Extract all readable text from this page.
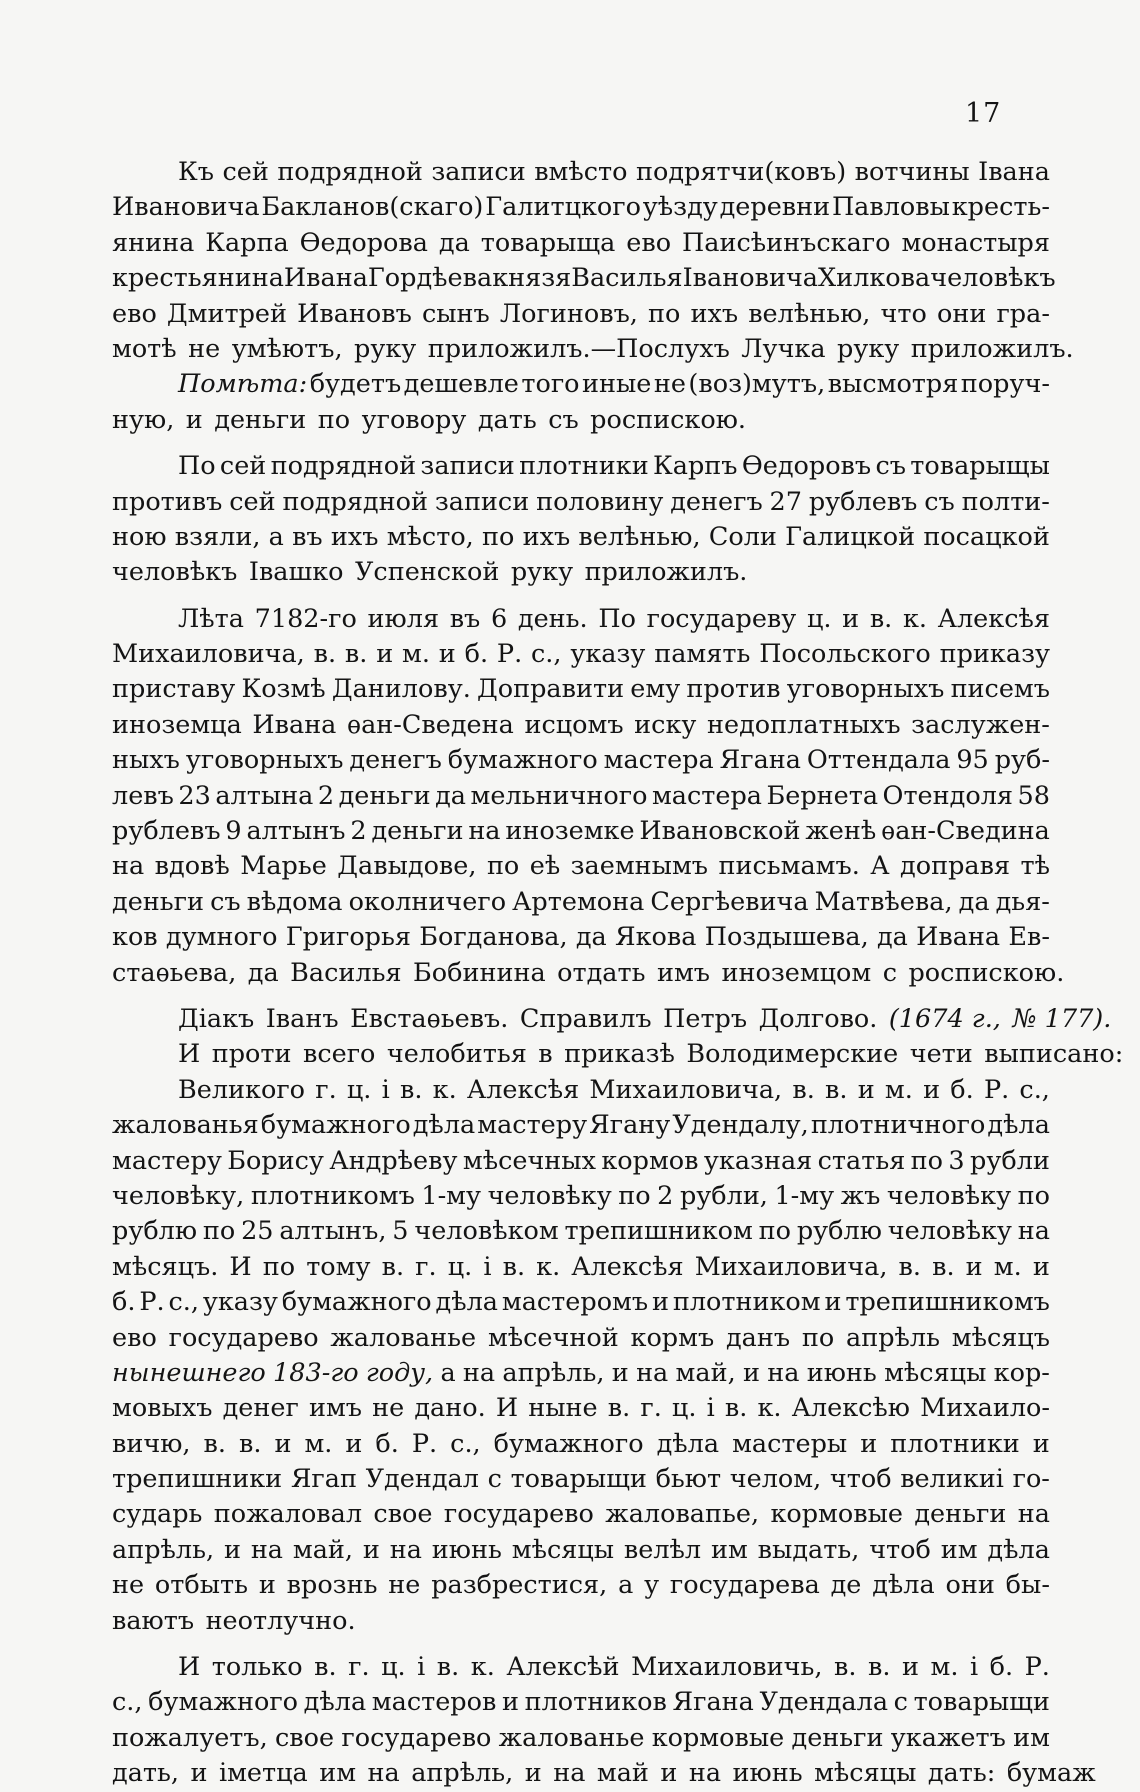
17
Къ сей подрядной записи вмѣсто подрятчи(ковъ) вотчины Івана
Ивановича Бакланов(скаго) Галитцкого уѣзду деревни Павловы кресть-
янина Карпа Ѳедорова да товарыща ево Паисѣинъскаго монастыря
крестьянина Ивана Гордѣева князя Василья Івановича Хилкова человѣкъ
ево Дмитрей Ивановъ сынъ Логиновъ, по ихъ велѣнью, что они гра-
мотѣ не умѣютъ, руку приложилъ.—Послухъ Лучка руку приложилъ.
Помѣта: будетъ дешевле того иные не (воз)мутъ, высмотря поруч-
ную, и деньги по уговору дать съ роспискою.
По сей подрядной записи плотники Карпъ Ѳедоровъ съ товарыщы
противъ сей подрядной записи половину денегъ 27 рублевъ съ полти-
ною взяли, а въ ихъ мѣсто, по ихъ велѣнью, Соли Галицкой посацкой
человѣкъ Івашко Успенской руку приложилъ.
Лѣта 7182-го июля въ 6 день. По государеву ц. и в. к. Алексѣя
Михаиловича, в. в. и м. и б. Р. с., указу память Посольского приказу
приставу Козмѣ Данилову. Доправити ему против уговорныхъ писемъ
иноземца Ивана ѳан-Сведена исцомъ иску недоплатныхъ заслужен-
ныхъ уговорныхъ денегъ бумажного мастера Ягана Оттендала 95 руб-
левъ 23 алтына 2 деньги да мельничного мастера Бернета Отендоля 58
рублевъ 9 алтынъ 2 деньги на иноземке Ивановской женѣ ѳан-Сведина
на вдовѣ Марье Давыдове, по еѣ заемнымъ письмамъ. А доправя тѣ
деньги съ вѣдома околничего Артемона Сергѣевича Матвѣева, да дья-
ков думного Григорья Богданова, да Якова Поздышева, да Ивана Ев-
стаѳьева, да Василья Бобинина отдать имъ иноземцом с роспискою.
Діакъ Іванъ Евстаѳьевъ. Справилъ Петръ Долгово. (1674 г., № 177).
И проти всего челобитья в приказѣ Володимерские чети выписано:
Великого г. ц. і в. к. Алексѣя Михаиловича, в. в. и м. и б. Р. с.,
жалованья бумажного дѣла мастеру Ягану Удендалу, плотничного дѣла
мастеру Борису Андрѣеву мѣсечных кормов указная статья по 3 рубли
человѣку, плотникомъ 1-му человѣку по 2 рубли, 1-му жъ человѣку по
рублю по 25 алтынъ, 5 человѣком трепишником по рублю человѣку на
мѣсяцъ. И по тому в. г. ц. і в. к. Алексѣя Михаиловича, в. в. и м. и
б. Р. с., указу бумажного дѣла мастеромъ и плотником и трепишникомъ
ево государево жалованье мѣсечной кормъ данъ по апрѣль мѣсяцъ
нынешнего 183-го году, а на апрѣль, и на май, и на июнь мѣсяцы кор-
мовыхъ денег имъ не дано. И ныне в. г. ц. і в. к. Алексѣю Михаило-
вичю, в. в. и м. и б. Р. с., бумажного дѣла мастеры и плотники и
трепишники Ягап Удендал с товарыщи бьют челом, чтоб великиі го-
сударь пожаловал свое государево жаловапье, кормовые деньги на
апрѣль, и на май, и на июнь мѣсяцы велѣл им выдать, чтоб им дѣла
не отбыть и врознь не разбрестися, а у государева де дѣла они бы-
ваютъ неотлучно.
И только в. г. ц. і в. к. Алексѣй Михаиловичь, в. в. и м. і б. Р.
с., бумажного дѣла мастеров и плотников Ягана Удендала с товарыщи
пожалуетъ, свое государево жалованье кормовые деньги укажетъ им
дать, и іметца им на апрѣль, и на май и на июнь мѣсяцы дать: бумаж
